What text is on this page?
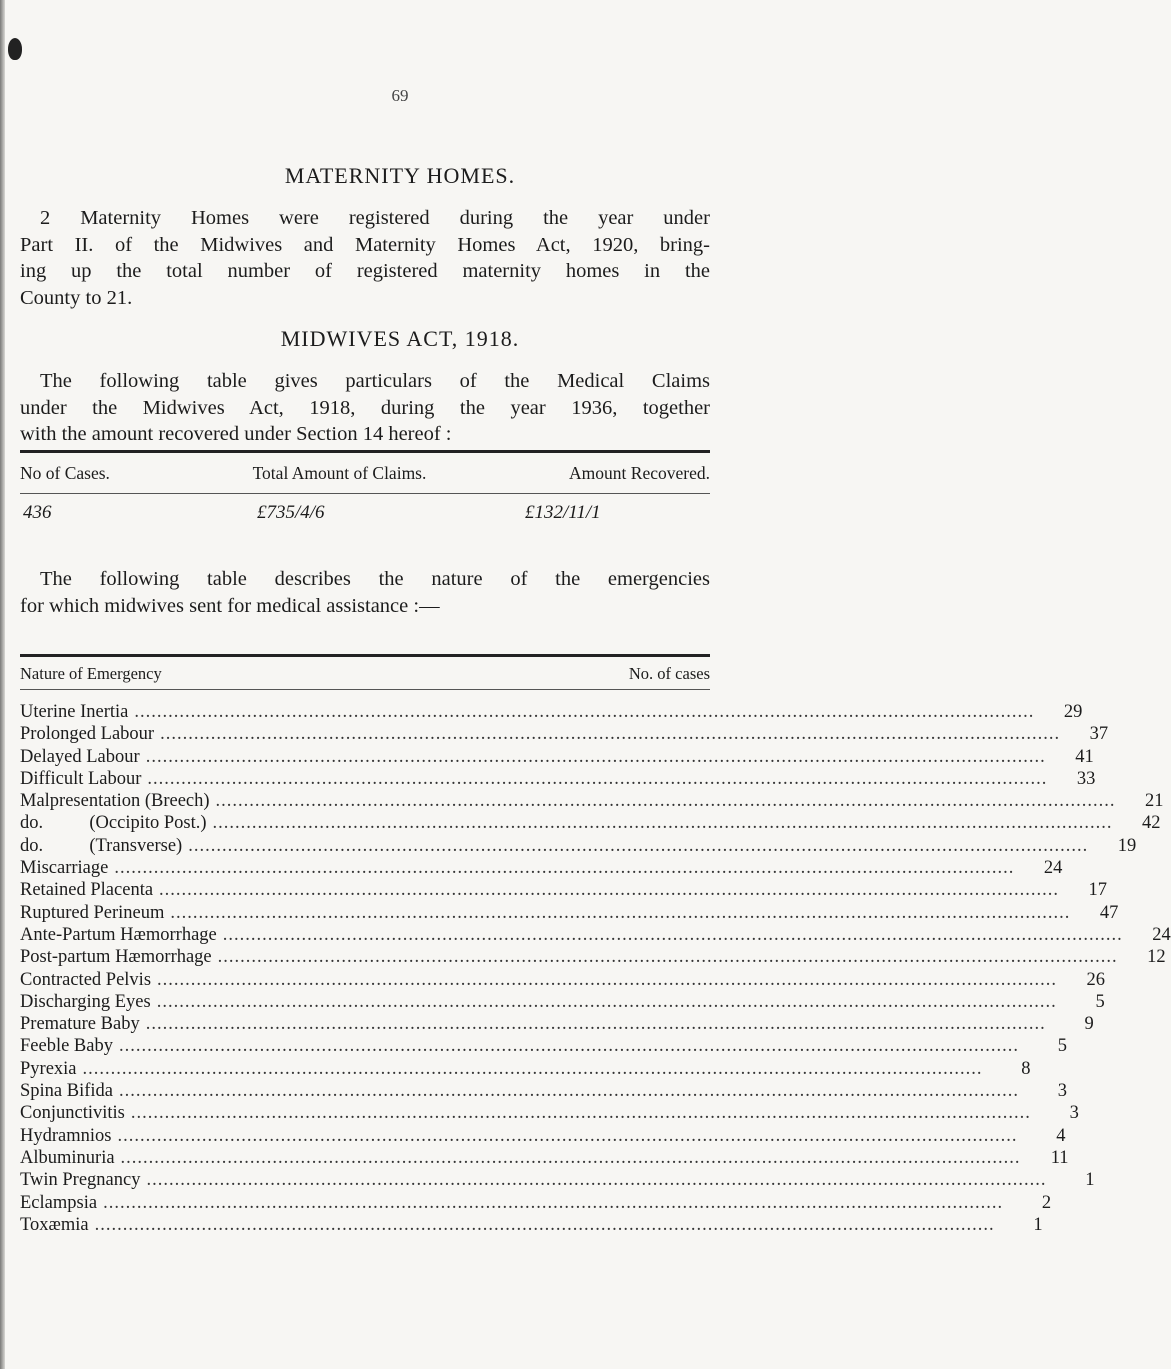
69
MATERNITY HOMES.
2 Maternity Homes were registered during the year under
Part II. of the Midwives and Maternity Homes Act, 1920, bring-
ing up the total number of registered maternity homes in the
County to 21.
MIDWIVES ACT, 1918.
The following table gives particulars of the Medical Claims
under the Midwives Act, 1918, during the year 1936, together
with the amount recovered under Section 14 hereof :
No of Cases.	Total Amount of Claims.	Amount Recovered.
436	£735/4/6	£132/11/1
The following table describes the nature of the emergencies
for which midwives sent for medical assistance :—
Nature of Emergency	No. of cases
Uterine Inertia ................................................................................................................................................................	29
Prolonged Labour ................................................................................................................................................................	37
Delayed Labour ................................................................................................................................................................	41
Difficult Labour ................................................................................................................................................................	33
Malpresentation (Breech) ................................................................................................................................................................	21
do.          (Occipito Post.) ................................................................................................................................................................	42
do.          (Transverse) ................................................................................................................................................................	19
Miscarriage ................................................................................................................................................................	24
Retained Placenta ................................................................................................................................................................	17
Ruptured Perineum ................................................................................................................................................................	47
Ante-Partum Hæmorrhage ................................................................................................................................................................	24
Post-partum Hæmorrhage ................................................................................................................................................................	12
Contracted Pelvis ................................................................................................................................................................	26
Discharging Eyes ................................................................................................................................................................	5
Premature Baby ................................................................................................................................................................	9
Feeble Baby ................................................................................................................................................................	5
Pyrexia ................................................................................................................................................................	8
Spina Bifida ................................................................................................................................................................	3
Conjunctivitis ................................................................................................................................................................	3
Hydramnios ................................................................................................................................................................	4
Albuminuria ................................................................................................................................................................	11
Twin Pregnancy ................................................................................................................................................................	1
Eclampsia ................................................................................................................................................................	2
Toxæmia ................................................................................................................................................................	1
